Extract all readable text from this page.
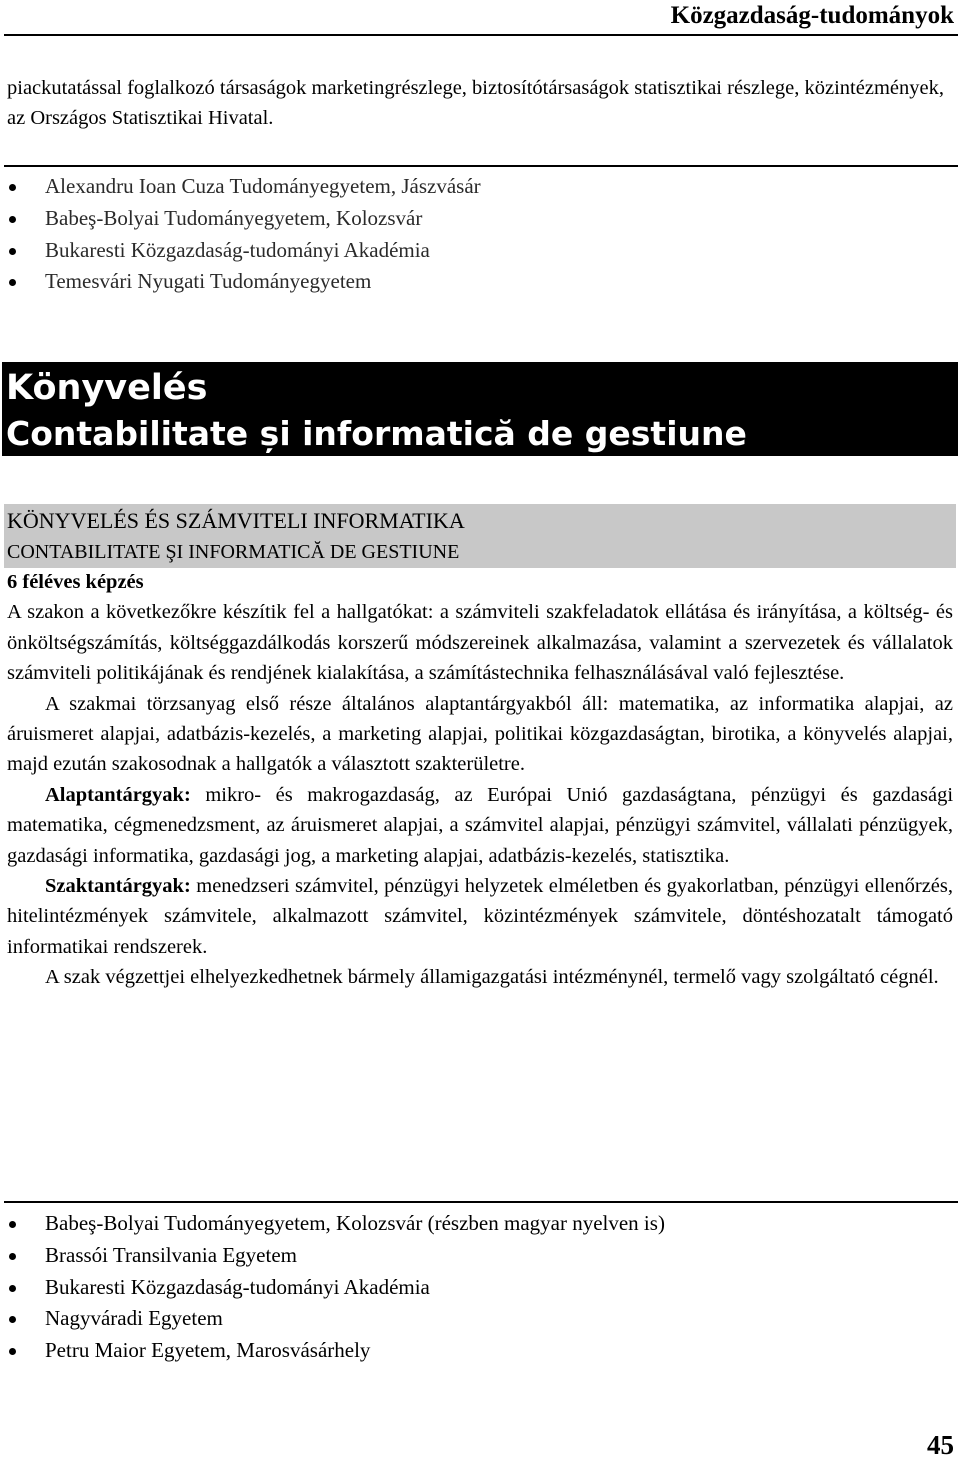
Közgazdaság-tudományok
piackutatással foglalkozó társaságok marketingrészlege, biztosítótársaságok statisztikai részlege, közintézmények, az Országos Statisztikai Hivatal.
Alexandru Ioan Cuza Tudományegyetem, Jászvásár
Babeş-Bolyai Tudományegyetem, Kolozsvár
Bukaresti Közgazdaság-tudományi Akadémia
Temesvári Nyugati Tudományegyetem
Könyvelés
Contabilitate și informatică de gestiune
KÖNYVELÉS ÉS SZÁMVITELI INFORMATIKA
CONTABILITATE ŞI INFORMATICĂ DE GESTIUNE

6 féléves képzés

A szakon a következőkre készítik fel a hallgatókat: a számviteli szakfeladatok ellátása és irányítása, a költség- és önköltségszámítás, költséggazdálkodás korszerű módszereinek alkalmazása, valamint a szervezetek és vállalatok számviteli politikájának és rendjének kialakítása, a számítástechnika felhasználásával való fejlesztése.

A szakmai törzsanyag első része általános alaptantárgyakból áll: matematika, az informatika alapjai, az áruismeret alapjai, adatbázis-kezelés, a marketing alapjai, politikai közgazdaságtan, birotika, a könyvelés alapjai, majd ezután szakosodnak a hallgatók a választott szakterületre.

Alaptantárgyak: mikro- és makrogazdaság, az Európai Unió gazdaságtana, pénzügyi és gazdasági matematika, cégmenedzsment, az áruismeret alapjai, a számvitel alapjai, pénzügyi számvitel, vállalati pénzügyek, gazdasági informatika, gazdasági jog, a marketing alapjai, adatbázis-kezelés, statisztika.

Szaktantárgyak: menedzseri számvitel, pénzügyi helyzetek elméletben és gyakorlatban, pénzügyi ellenőrzés, hitelintézmények számvitele, alkalmazott számvitel, közintézmények számvitele, döntéshozatalt támogató informatikai rendszerek.

A szak végzettjei elhelyezkedhetnek bármely államigazgatási intézménynél, termelő vagy szolgáltató cégnél.

Babeş-Bolyai Tudományegyetem, Kolozsvár (részben magyar nyelven is)
Brassói Transilvania Egyetem
Bukaresti Közgazdaság-tudományi Akadémia
Nagyváradi Egyetem
Petru Maior Egyetem, Marosvásárhely
45
